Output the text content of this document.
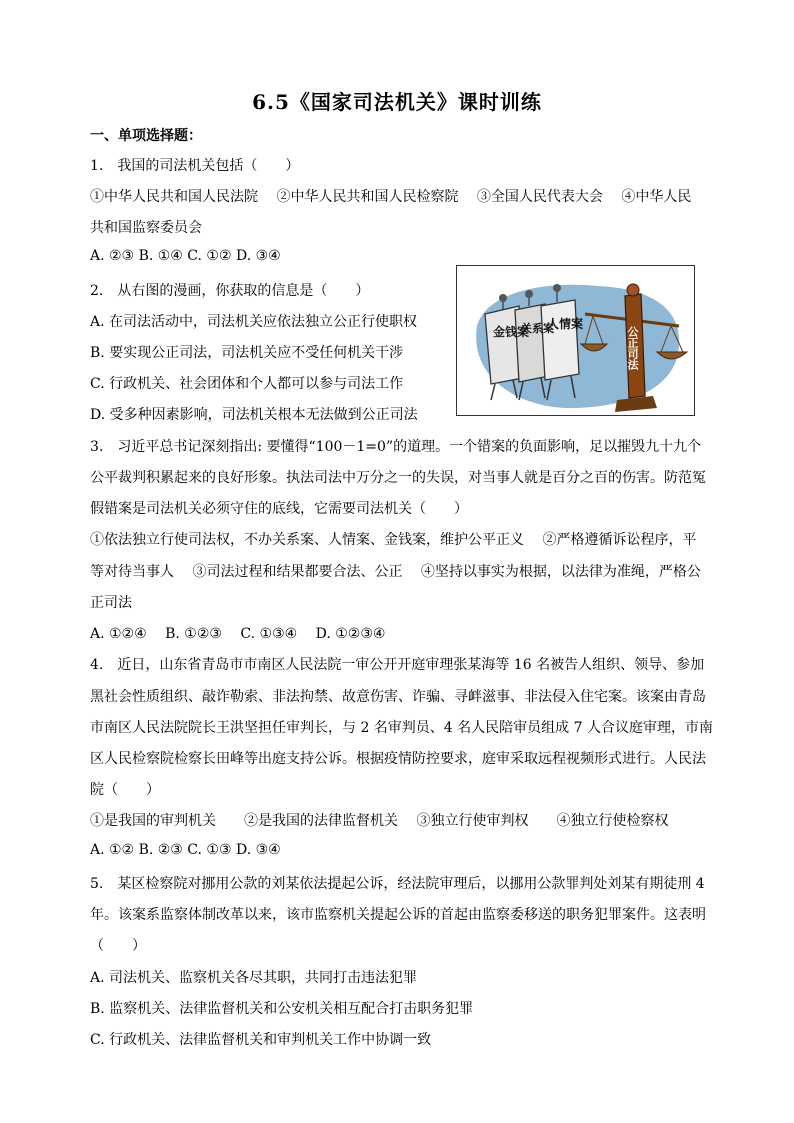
6.5《国家司法机关》课时训练
一、单项选择题：
1.　我国的司法机关包括（　　）
①中华人民共和国人民法院　 ②中华人民共和国人民检察院　 ③全国人民代表大会　 ④中华人民
共和国监察委员会
A. ②③ B. ①④ C. ①② D. ③④
2.　从右图的漫画，你获取的信息是（　　）
A. 在司法活动中，司法机关应依法独立公正行使职权
B. 要实现公正司法，司法机关应不受任何机关干涉
C. 行政机关、社会团体和个人都可以参与司法工作
D. 受多种因素影响，司法机关根本无法做到公正司法
金钱案
关系案
人情案
公正司法
3.　习近平总书记深刻指出: 要懂得“100－1=0”的道理。一个错案的负面影响，足以摧毁九十九个
公平裁判积累起来的良好形象。执法司法中万分之一的失误，对当事人就是百分之百的伤害。防范冤
假错案是司法机关必须守住的底线，它需要司法机关（　　）
①依法独立行使司法权，不办关系案、人情案、金钱案，维护公平正义　 ②严格遵循诉讼程序，平
等对待当事人　 ③司法过程和结果都要合法、公正　 ④坚持以事实为根据，以法律为准绳，严格公
正司法
A. ①②④　 B. ①②③　 C. ①③④　 D. ①②③④
4.　近日，山东省青岛市市南区人民法院一审公开开庭审理张某海等 16 名被告人组织、领导、参加
黑社会性质组织、敲诈勒索、非法拘禁、故意伤害、诈骗、寻衅滋事、非法侵入住宅案。该案由青岛
市南区人民法院院长王洪坚担任审判长，与 2 名审判员、4 名人民陪审员组成 7 人合议庭审理，市南
区人民检察院检察长田峰等出庭支持公诉。根据疫情防控要求，庭审采取远程视频形式进行。人民法
院（　　）
①是我国的审判机关　　②是我国的法律监督机关　 ③独立行使审判权　　④独立行使检察权
A. ①② B. ②③ C. ①③ D. ③④
5.　某区检察院对挪用公款的刘某依法提起公诉，经法院审理后，以挪用公款罪判处刘某有期徒刑 4
年。该案系监察体制改革以来，该市监察机关提起公诉的首起由监察委移送的职务犯罪案件。这表明
（　　）
A. 司法机关、监察机关各尽其职，共同打击违法犯罪
B. 监察机关、法律监督机关和公安机关相互配合打击职务犯罪
C. 行政机关、法律监督机关和审判机关工作中协调一致
